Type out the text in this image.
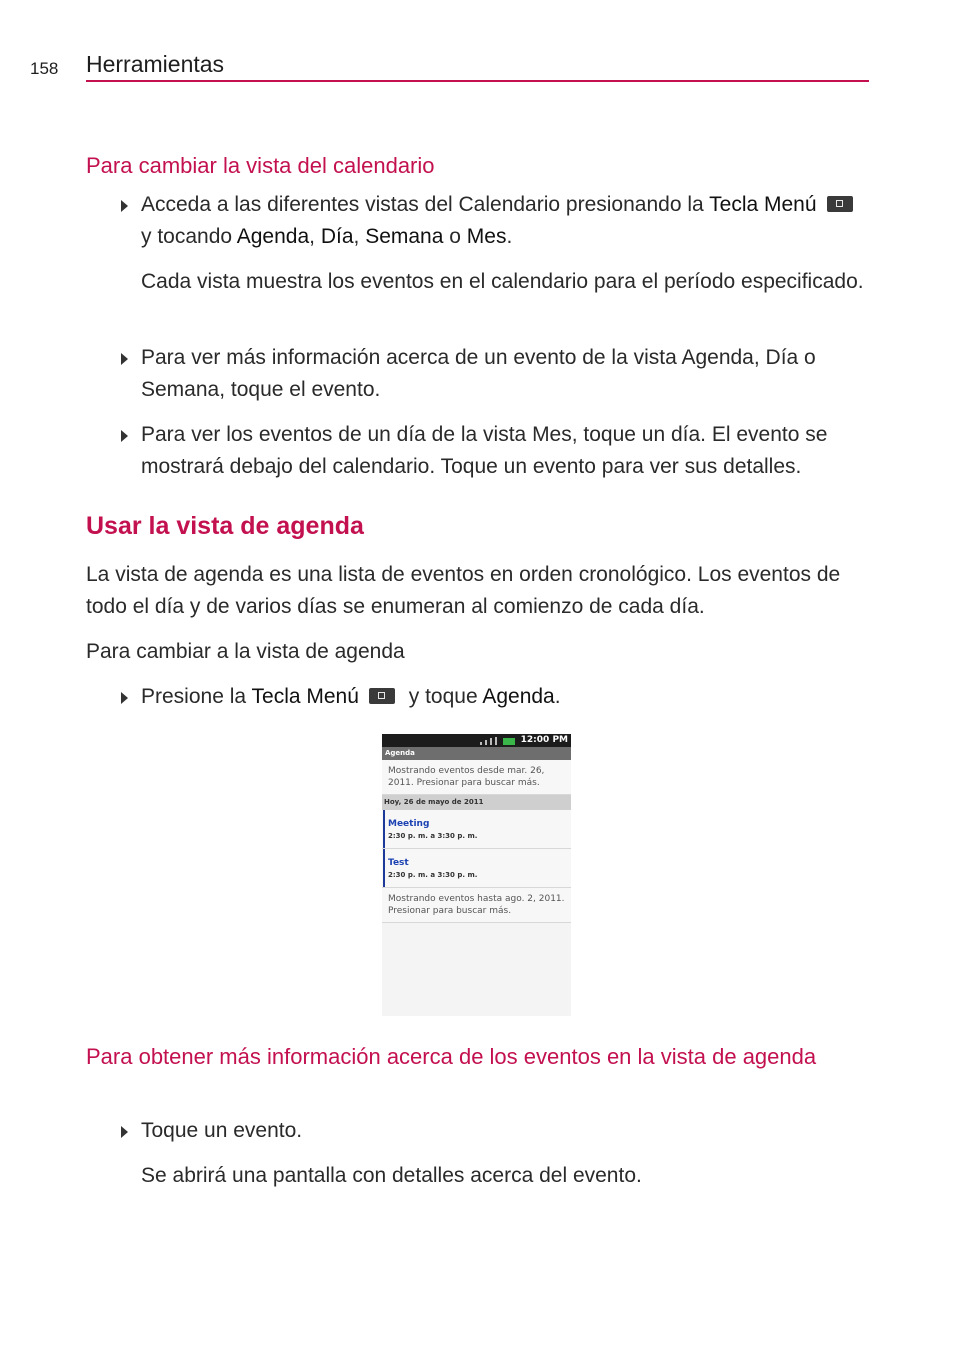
158 Herramientas
Para cambiar la vista del calendario

Acceda a las diferentes vistas del Calendario presionando la Tecla Menú y tocando Agenda, Día, Semana o Mes.

Cada vista muestra los eventos en el calendario para el período especificado.

Para ver más información acerca de un evento de la vista Agenda, Día o Semana, toque el evento.

Para ver los eventos de un día de la vista Mes, toque un día. El evento se mostrará debajo del calendario. Toque un evento para ver sus detalles.

Usar la vista de agenda

La vista de agenda es una lista de eventos en orden cronológico. Los eventos de todo el día y de varios días se enumeran al comienzo de cada día.

Para cambiar a la vista de agenda

Presione la Tecla Menú y toque Agenda.

12:00 PM
Agenda
Mostrando eventos desde mar. 26, 2011. Presionar para buscar más.
Hoy, 26 de mayo de 2011
Meeting
2:30 p. m. a 3:30 p. m.
Test
2:30 p. m. a 3:30 p. m.
Mostrando eventos hasta ago. 2, 2011. Presionar para buscar más.
Para obtener más información acerca de los eventos en la vista de agenda

Toque un evento.

Se abrirá una pantalla con detalles acerca del evento.
